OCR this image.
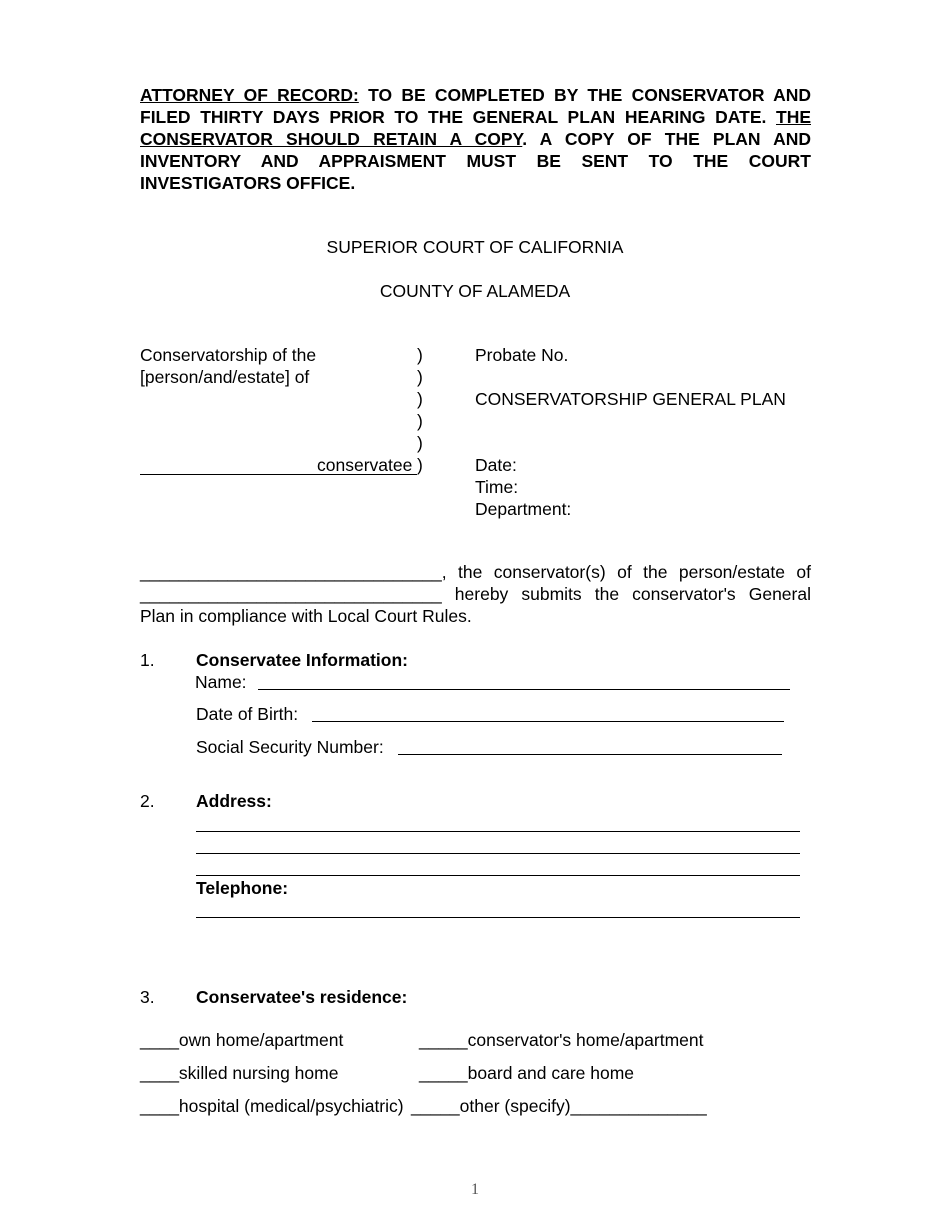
ATTORNEY OF RECORD: TO BE COMPLETED BY THE CONSERVATOR AND
FILED THIRTY DAYS PRIOR TO THE GENERAL PLAN HEARING DATE. THE
CONSERVATOR SHOULD RETAIN A COPY. A COPY OF THE PLAN AND
INVENTORY AND APPRAISMENT MUST BE SENT TO THE COURT
INVESTIGATORS OFFICE.
SUPERIOR COURT OF CALIFORNIA
COUNTY OF ALAMEDA
Conservatorship of the
[person/and/estate] of
)
)
)
)
)
conservatee )
Probate No.
CONSERVATORSHIP GENERAL PLAN
Date:
Time:
Department:
_______________________________, the conservator(s) of the person/estate of
_______________________________ hereby submits the conservator's General
Plan in compliance with Local Court Rules.
1. Conservatee Information:
Name:
Date of Birth:
Social Security Number:
2. Address:
Telephone:
3. Conservatee's residence:
____own home/apartment	_____conservator's home/apartment
____skilled nursing home	_____board and care home
____hospital (medical/psychiatric) _____other (specify)______________
1
